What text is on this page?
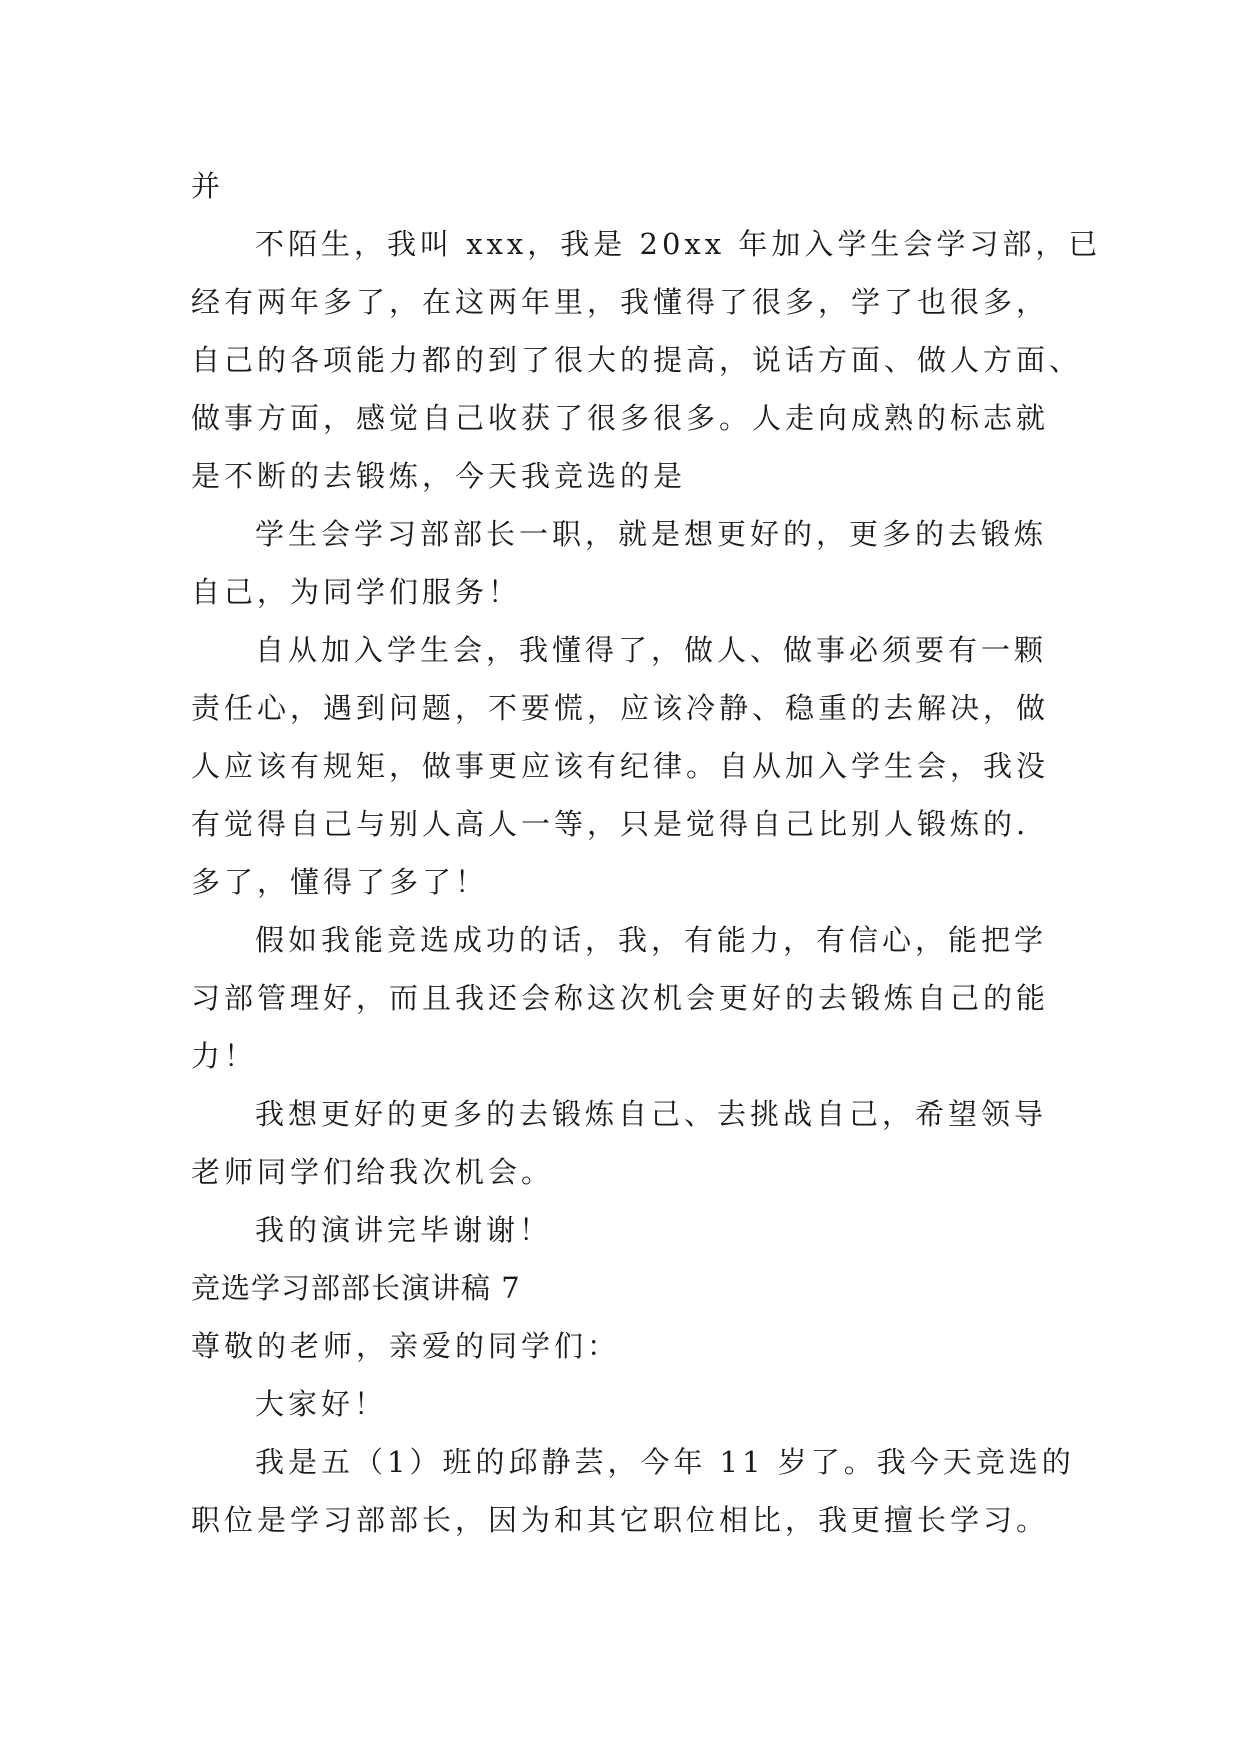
并
不陌生，我叫 xxx，我是 20xx 年加入学生会学习部，已
经有两年多了，在这两年里，我懂得了很多，学了也很多，
自己的各项能力都的到了很大的提高，说话方面、做人方面、
做事方面，感觉自己收获了很多很多。人走向成熟的标志就
是不断的去锻炼，今天我竞选的是
学生会学习部部长一职，就是想更好的，更多的去锻炼
自己，为同学们服务！
自从加入学生会，我懂得了，做人、做事必须要有一颗
责任心，遇到问题，不要慌，应该冷静、稳重的去解决，做
人应该有规矩，做事更应该有纪律。自从加入学生会，我没
有觉得自己与别人高人一等，只是觉得自己比别人锻炼的.
多了，懂得了多了！
假如我能竞选成功的话，我，有能力，有信心，能把学
习部管理好，而且我还会称这次机会更好的去锻炼自己的能
力！
我想更好的更多的去锻炼自己、去挑战自己，希望领导
老师同学们给我次机会。
我的演讲完毕谢谢！
竞选学习部部长演讲稿 7
尊敬的老师，亲爱的同学们：
大家好！
我是五（1）班的邱静芸，今年 11 岁了。我今天竞选的
职位是学习部部长，因为和其它职位相比，我更擅长学习。
